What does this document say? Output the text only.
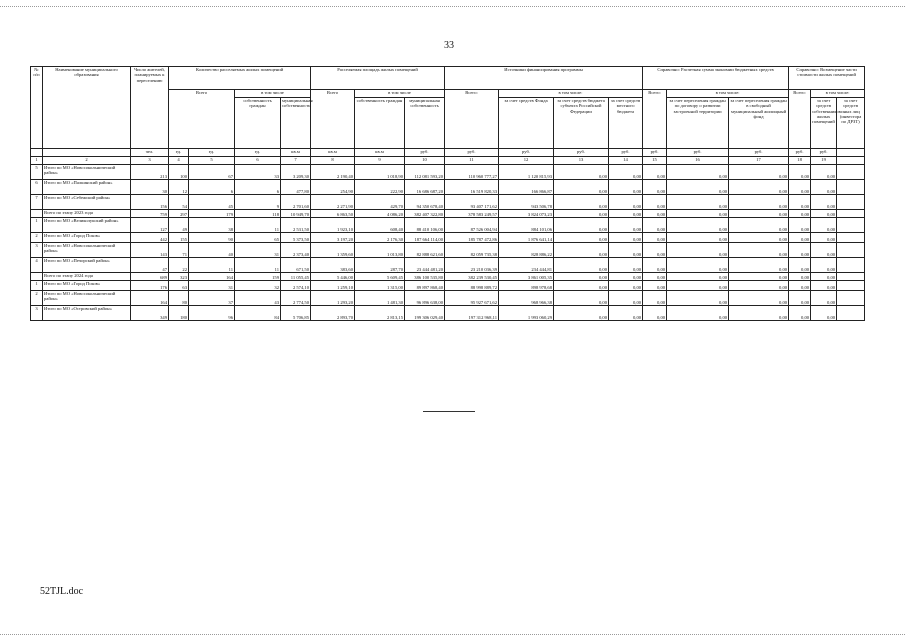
33
№ п/п	Наименование муниципального образования	Число жителей, планируемых к переселению	Количество расселяемых жилых помещений				Расселяемая площадь жилых помещений			Источники финансирования программы				Справочно: Расчетная сумма экономии бюджетных средств			Справочно: Возмещение части стоимости жилых помещений		
			Всего		в том числе		Всего	в том числе		Всего:	в том числе:			Всего:	в том числе:		Всего:	в том числе:	
					собственность граждан	муниципальная собственность		собственность граждан	муниципальная собственность		за счет средств Фонда	за счет средств бюджета субъекта Российской Федерации	за счет средств местного бюджета		за счет переселения граждан по договору о развитии застроенной территории	за счет переселения граждан в свободный муниципальный жилищный фонд		за счет средств собственников жилых помещений	за счет средств иных лиц (инвестора по ДРЗТ)

		чел.	ед.	ед.	ед.	кв.м	кв.м	кв.м	руб.	руб.	руб.	руб.	руб.	руб.	руб.	руб.	руб.	руб.	
1	2	3	4	5	6	7	8	9	10	11	12	13	14	15	16	17	18	19	
5	Итого по МО «Новосокольнический район»	213	100	67	33	3 209,30	2 190,40	1 018,90	112 081 593,20	110 960 777,27	1 120 815,93	0,00	0,00	0,00	0,00	0,00	0,00	0,00	
6	Итого по МО «Палкинский район»	30	12	6	6	477,80	254,90	222,90	16 686 687,20	16 519 820,33	166 866,87	0,00	0,00	0,00	0,00	0,00	0,00	0,00	
7	Итого по МО «Себежский район»	156	54	45	9	2 701,60	2 271,90	429,70	94 350 678,40	93 407 171,62	943 506,78	0,00	0,00	0,00	0,00	0,00	0,00	0,00	
	Всего по этапу 2023 года	759	297	179	118	10 949,70	6 863,50	4 086,20	382 407 322,80	378 583 249,57	3 824 073,23	0,00	0,00	0,00	0,00	0,00	0,00	0,00	
1	Итого по МО «Великолукский район»	127	49	38	11	2 531,50	1 923,10	608,40	88 410 106,00	87 526 004,94	884 101,06	0,00	0,00	0,00	0,00	0,00	0,00	0,00	
2	Итого по МО «Город Псков»	442	155	90	65	5 373,50	3 197,20	2 176,30	187 664 114,00	185 787 472,86	1 876 641,14	0,00	0,00	0,00	0,00	0,00	0,00	0,00	
3	Итого по МО «Новосокольнический район»	143	71	40	31	2 373,40	1 359,60	1 013,80	82 888 621,60	82 059 735,38	828 886,22	0,00	0,00	0,00	0,00	0,00	0,00	0,00	
4	Итого по МО «Печорский район»	47	22	11	11	671,50	383,60	287,70	23 444 481,20	23 210 036,39	234 444,81	0,00	0,00	0,00	0,00	0,00	0,00	0,00	
	Всего по этапу 2024 года	689	323	164	159	11 055,45	5 446,00	5 609,45	386 100 535,80	382 239 530,45	3 861 005,35	0,00	0,00	0,00	0,00	0,00	0,00	0,00	
1	Итого по МО «Город Псков»	176	63	31	32	2 574,10	1 259,10	1 315,00	89 897 868,40	88 998 889,72	898 978,68	0,00	0,00	0,00	0,00	0,00	0,00	0,00	
2	Итого по МО «Новосокольнический район»	164	80	37	43	2 774,50	1 293,20	1 481,30	96 896 638,00	95 927 671,62	968 966,38	0,00	0,00	0,00	0,00	0,00	0,00	0,00	
3	Итого по МО «Островский район»	349	180	96	84	5 706,85	2 893,70	2 813,15	199 306 029,40	197 312 968,11	1 993 060,29	0,00	0,00	0,00	0,00	0,00	0,00	0,00	
52TJL.doc
